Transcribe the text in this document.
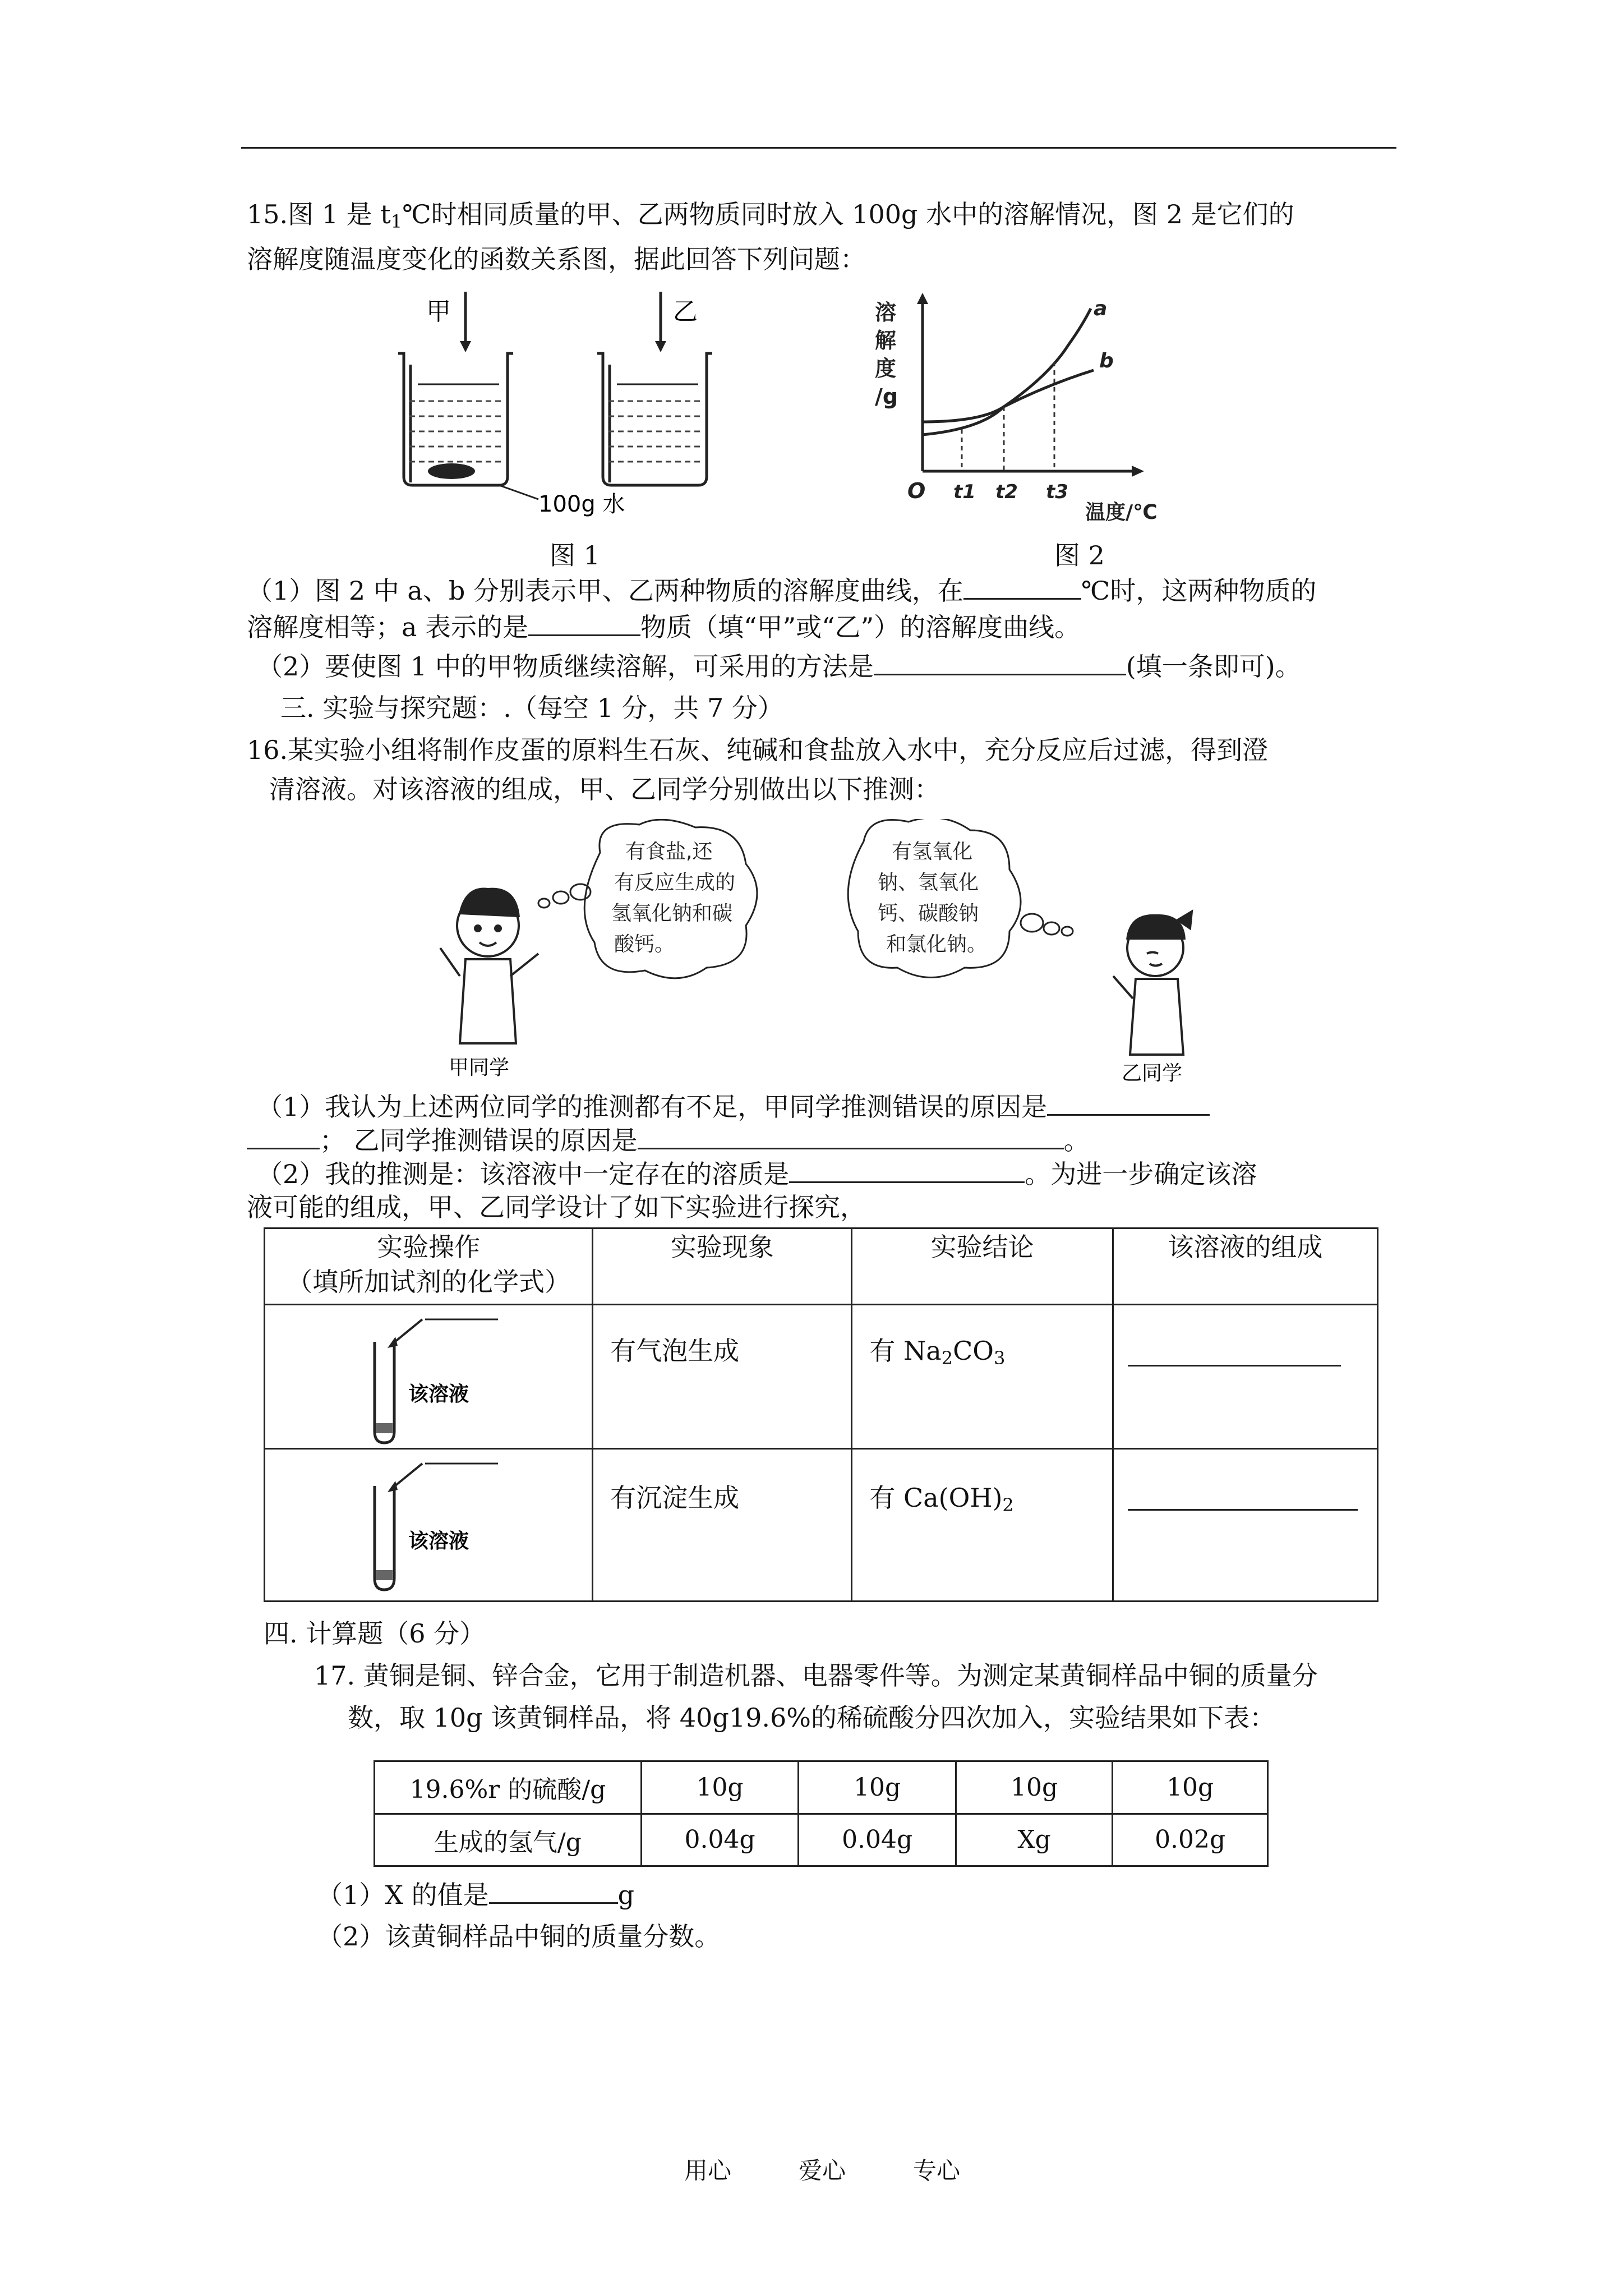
15.图 1 是 $t_1℃$时相同质量的甲、乙两物质同时放入 100g 水中的溶解情况，图 2 是它们的
溶解度随温度变化的函数关系图，据此回答下列问题：
甲	乙
100g 水
图 1
溶
解
度
/g
a
b
O t1 t2 t3
温度/℃
图 2
（1）图 2 中 a、b 分别表示甲、乙两种物质的溶解度曲线，在	℃时，这两种物质的
溶解度相等；a 表示的是	物质（填“甲”或“乙”）的溶解度曲线。
（2）要使图 1 中的甲物质继续溶解，可采用的方法是	(填一条即可)。
三. 实验与探究题：.（每空 1 分，共 7 分）
16.某实验小组将制作皮蛋的原料生石灰、纯碱和食盐放入水中，充分反应后过滤，得到澄
清溶液。对该溶液的组成，甲、乙同学分别做出以下推测：
甲同学
有食盐,还
有反应生成的
氢氧化钠和碳
酸钙。
有氢氧化
钠、氢氧化
钙、碳酸钠
和氯化钠。
乙同学
（1）我认为上述两位同学的推测都有不足，甲同学推测错误的原因是
； 乙同学推测错误的原因是	。
（2）我的推测是：该溶液中一定存在的溶质是	。为进一步确定该溶
液可能的组成，甲、乙同学设计了如下实验进行探究，
实验操作
（填所加试剂的化学式）	实验现象	实验结论	该溶液的组成

该溶液	有气泡生成	有 $Na_2CO_3$	

该溶液	有沉淀生成	有 $Ca(OH)_2$	
四. 计算题（6 分）
17. 黄铜是铜、锌合金，它用于制造机器、电器零件等。为测定某黄铜样品中铜的质量分
数，取 10g 该黄铜样品，将 40g19.6%的稀硫酸分四次加入，实验结果如下表：
19.6%r 的硫酸/g	10g	10g	10g	10g
生成的氢气/g	0.04g	0.04g	Xg	0.02g
（1）X 的值是	g
（2）该黄铜样品中铜的质量分数。
用心	爱心	专心
